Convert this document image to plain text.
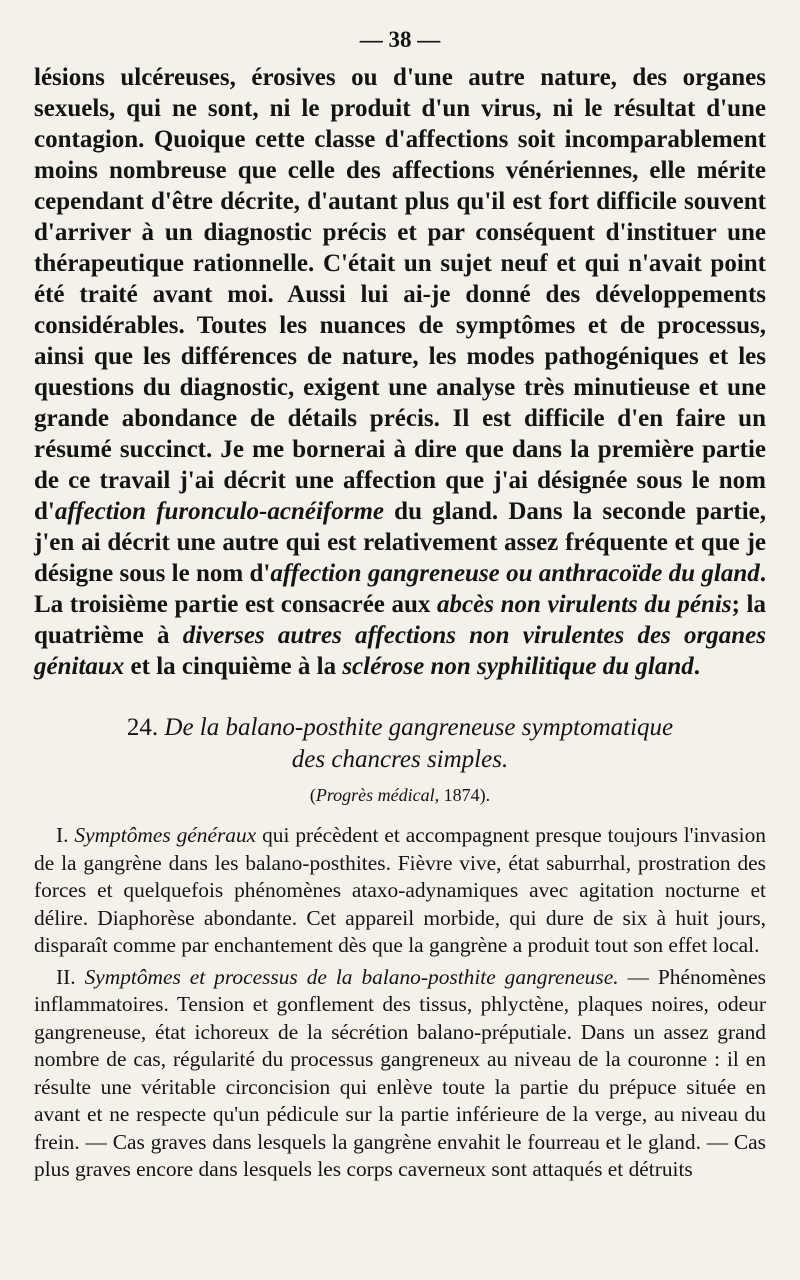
— 38 —

lésions ulcéreuses, érosives ou d'une autre nature, des organes sexuels, qui ne sont, ni le produit d'un virus, ni le résultat d'une contagion. Quoique cette classe d'affections soit incomparablement moins nombreuse que celle des affections vénériennes, elle mérite cependant d'être décrite, d'autant plus qu'il est fort difficile souvent d'arriver à un diagnostic précis et par conséquent d'instituer une thérapeutique rationnelle. C'était un sujet neuf et qui n'avait point été traité avant moi. Aussi lui ai-je donné des développements considérables. Toutes les nuances de symptômes et de processus, ainsi que les différences de nature, les modes pathogéniques et les questions du diagnostic, exigent une analyse très minutieuse et une grande abondance de détails précis. Il est difficile d'en faire un résumé succinct. Je me bornerai à dire que dans la première partie de ce travail j'ai décrit une affection que j'ai désignée sous le nom d'affection furonculo-acnéiforme du gland. Dans la seconde partie, j'en ai décrit une autre qui est relativement assez fréquente et que je désigne sous le nom d'affection gangreneuse ou anthracoïde du gland. La troisième partie est consacrée aux abcès non virulents du pénis; la quatrième à diverses autres affections non virulentes des organes génitaux et la cinquième à la sclérose non syphilitique du gland.

24. De la balano-posthite gangreneuse symptomatique
des chancres simples.
(Progrès médical, 1874).

I. Symptômes généraux qui précèdent et accompagnent presque toujours l'invasion de la gangrène dans les balano-posthites. Fièvre vive, état saburrhal, prostration des forces et quelquefois phénomènes ataxo-adynamiques avec agitation nocturne et délire. Diaphorèse abondante. Cet appareil morbide, qui dure de six à huit jours, disparaît comme par enchantement dès que la gangrène a produit tout son effet local.

II. Symptômes et processus de la balano-posthite gangreneuse. — Phénomènes inflammatoires. Tension et gonflement des tissus, phlyctène, plaques noires, odeur gangreneuse, état ichoreux de la sécrétion balano-préputiale. Dans un assez grand nombre de cas, régularité du processus gangreneux au niveau de la couronne : il en résulte une véritable circoncision qui enlève toute la partie du prépuce située en avant et ne respecte qu'un pédicule sur la partie inférieure de la verge, au niveau du frein. — Cas graves dans lesquels la gangrène envahit le fourreau et le gland. — Cas plus graves encore dans lesquels les corps caverneux sont attaqués et détruits
